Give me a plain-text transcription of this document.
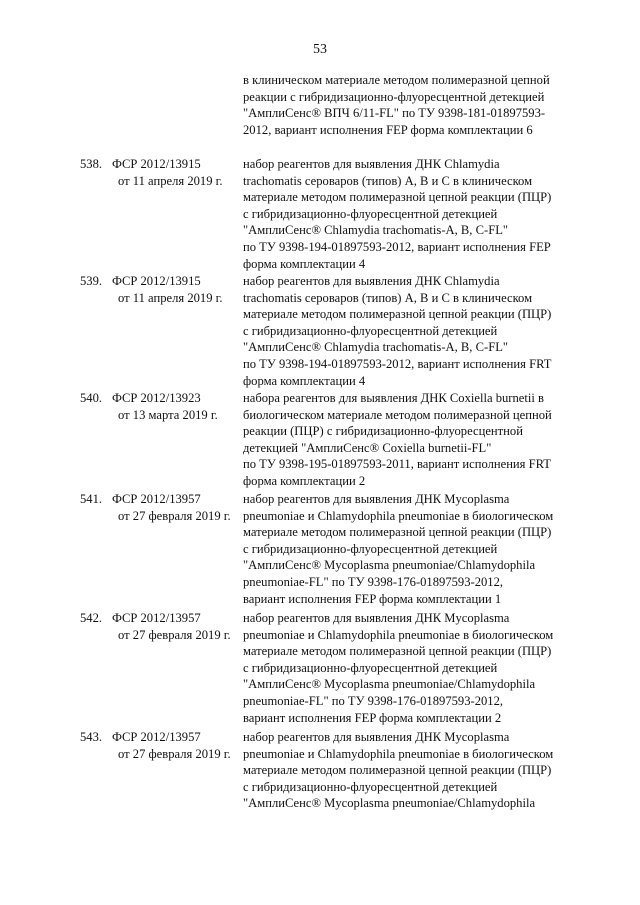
53
в клиническом материале методом полимеразной цепной
реакции с гибридизационно-флуоресцентной детекцией
"АмплиСенс® ВПЧ 6/11-FL" по ТУ 9398-181-01897593-
2012, вариант исполнения FEP форма комплектации 6
538. ФСР 2012/13915
от 11 апреля 2019 г.
набор реагентов для выявления ДНК Chlamydia
trachomatis сероваров (типов) A, B и C в клиническом
материале методом полимеразной цепной реакции (ПЦР)
с гибридизационно-флуоресцентной детекцией
"АмплиСенс® Chlamydia trachomatis-A, B, C-FL"
по ТУ 9398-194-01897593-2012, вариант исполнения FEP
форма комплектации 4
539. ФСР 2012/13915
от 11 апреля 2019 г.
набор реагентов для выявления ДНК Chlamydia
trachomatis сероваров (типов) A, B и C в клиническом
материале методом полимеразной цепной реакции (ПЦР)
с гибридизационно-флуоресцентной детекцией
"АмплиСенс® Chlamydia trachomatis-A, B, C-FL"
по ТУ 9398-194-01897593-2012, вариант исполнения FRT
форма комплектации 4
540. ФСР 2012/13923
от 13 марта 2019 г.
набора реагентов для выявления ДНК Coxiella burnetii в
биологическом материале методом полимеразной цепной
реакции (ПЦР) с гибридизационно-флуоресцентной
детекцией "АмплиСенс® Coxiella burnetii-FL"
по ТУ 9398-195-01897593-2011, вариант исполнения FRT
форма комплектации 2
541. ФСР 2012/13957
от 27 февраля 2019 г.
набор реагентов для выявления ДНК Mycoplasma
pneumoniae и Chlamydophila pneumoniae в биологическом
материале методом полимеразной цепной реакции (ПЦР)
с гибридизационно-флуоресцентной детекцией
"АмплиСенс® Mycoplasma pneumoniae/Chlamydophila
pneumoniae-FL" по ТУ 9398-176-01897593-2012,
вариант исполнения FEP форма комплектации 1
542. ФСР 2012/13957
от 27 февраля 2019 г.
набор реагентов для выявления ДНК Mycoplasma
pneumoniae и Chlamydophila pneumoniae в биологическом
материале методом полимеразной цепной реакции (ПЦР)
с гибридизационно-флуоресцентной детекцией
"АмплиСенс® Mycoplasma pneumoniae/Chlamydophila
pneumoniae-FL" по ТУ 9398-176-01897593-2012,
вариант исполнения FEP форма комплектации 2
543. ФСР 2012/13957
от 27 февраля 2019 г.
набор реагентов для выявления ДНК Mycoplasma
pneumoniae и Chlamydophila pneumoniae в биологическом
материале методом полимеразной цепной реакции (ПЦР)
с гибридизационно-флуоресцентной детекцией
"АмплиСенс® Mycoplasma pneumoniae/Chlamydophila
